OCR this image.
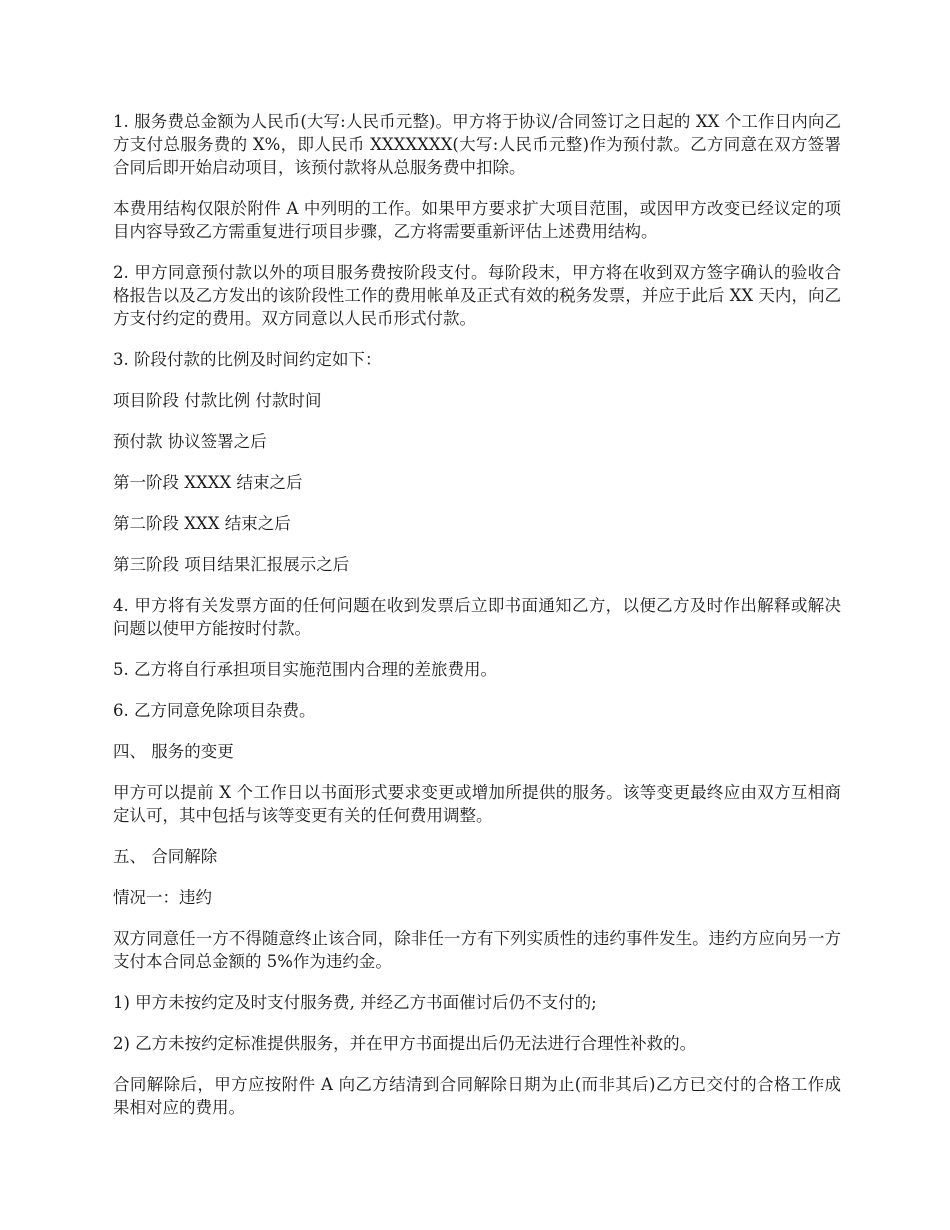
1. 服务费总金额为人民币(大写:人民币元整)。甲方将于协议/合同签订之日起的 XX 个工作日内向乙方支付总服务费的 X%，即人民币 XXXXXXX(大写:人民币元整)作为预付款。乙方同意在双方签署合同后即开始启动项目，该预付款将从总服务费中扣除。

本费用结构仅限於附件 A 中列明的工作。如果甲方要求扩大项目范围，或因甲方改变已经议定的项目内容导致乙方需重复进行项目步骤，乙方将需要重新评估上述费用结构。

2. 甲方同意预付款以外的项目服务费按阶段支付。每阶段末，甲方将在收到双方签字确认的验收合格报告以及乙方发出的该阶段性工作的费用帐单及正式有效的税务发票，并应于此后 XX 天内，向乙方支付约定的费用。双方同意以人民币形式付款。

3. 阶段付款的比例及时间约定如下：

项目阶段 付款比例 付款时间

预付款 协议签署之后

第一阶段 XXXX 结束之后

第二阶段 XXX 结束之后

第三阶段 项目结果汇报展示之后

4. 甲方将有关发票方面的任何问题在收到发票后立即书面通知乙方，以便乙方及时作出解释或解决问题以使甲方能按时付款。

5. 乙方将自行承担项目实施范围内合理的差旅费用。

6. 乙方同意免除项目杂费。

四、 服务的变更

甲方可以提前 X 个工作日以书面形式要求变更或增加所提供的服务。该等变更最终应由双方互相商定认可，其中包括与该等变更有关的任何费用调整。

五、 合同解除

情况一：违约

双方同意任一方不得随意终止该合同，除非任一方有下列实质性的违约事件发生。违约方应向另一方支付本合同总金额的 5%作为违约金。

1) 甲方未按约定及时支付服务费, 并经乙方书面催讨后仍不支付的;

2) 乙方未按约定标准提供服务，并在甲方书面提出后仍无法进行合理性补救的。

合同解除后，甲方应按附件 A 向乙方结清到合同解除日期为止(而非其后)乙方已交付的合格工作成果相对应的费用。
